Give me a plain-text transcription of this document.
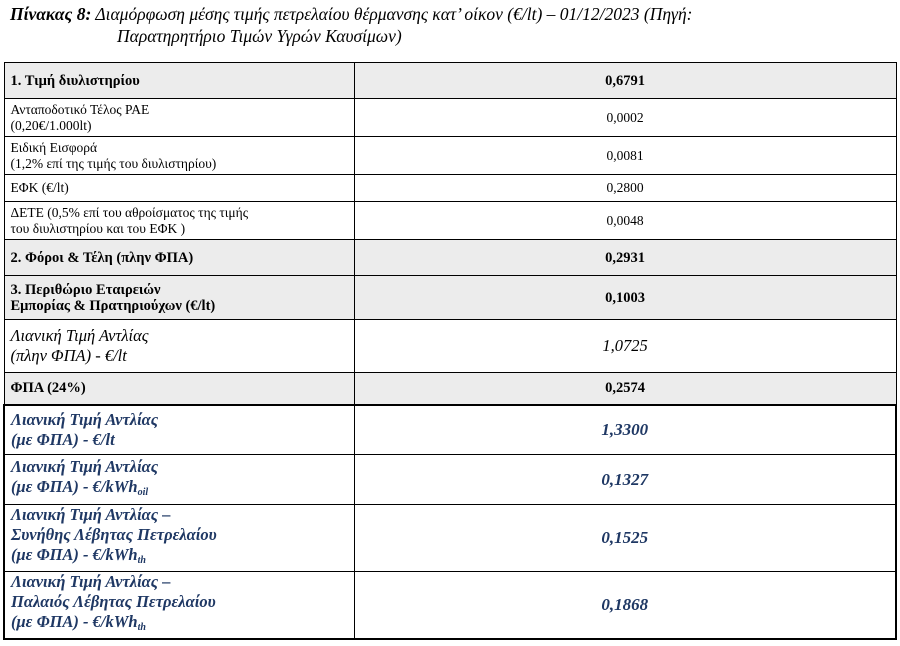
Πίνακας 8: Διαμόρφωση μέσης τιμής πετρελαίου θέρμανσης κατ’ οίκον (€/lt) – 01/12/2023 (Πηγή:
Παρατηρητήριο Τιμών Υγρών Καυσίμων)
1. Τιμή διυλιστηρίου	0,6791

Ανταποδοτικό Τέλος ΡΑΕ
(0,20€/1.000lt)	0,0002

Ειδική Εισφορά
(1,2% επί της τιμής του διυλιστηρίου)	0,0081
ΕΦΚ (€/lt)	0,2800

ΔΕΤΕ (0,5% επί του αθροίσματος της τιμής
του διυλιστηρίου και του ΕΦΚ )	0,0048
2. Φόροι & Τέλη (πλην ΦΠΑ)	0,2931

3. Περιθώριο Εταιρειών
Εμπορίας & Πρατηριούχων (€/lt)	0,1003

Λιανική Τιμή Αντλίας
(πλην ΦΠΑ) - €/lt	1,0725
ΦΠΑ (24%)	0,2574

Λιανική Τιμή Αντλίας
(με ΦΠΑ) - €/lt	1,3300

Λιανική Τιμή Αντλίας
(με ΦΠΑ) - €/kWh$_{oil}$	0,1327

Λιανική Τιμή Αντλίας –
Συνήθης Λέβητας Πετρελαίου
(με ΦΠΑ) - €/kWh$_{th}$	0,1525

Λιανική Τιμή Αντλίας –
Παλαιός Λέβητας Πετρελαίου
(με ΦΠΑ) - €/kWh$_{th}$	0,1868
